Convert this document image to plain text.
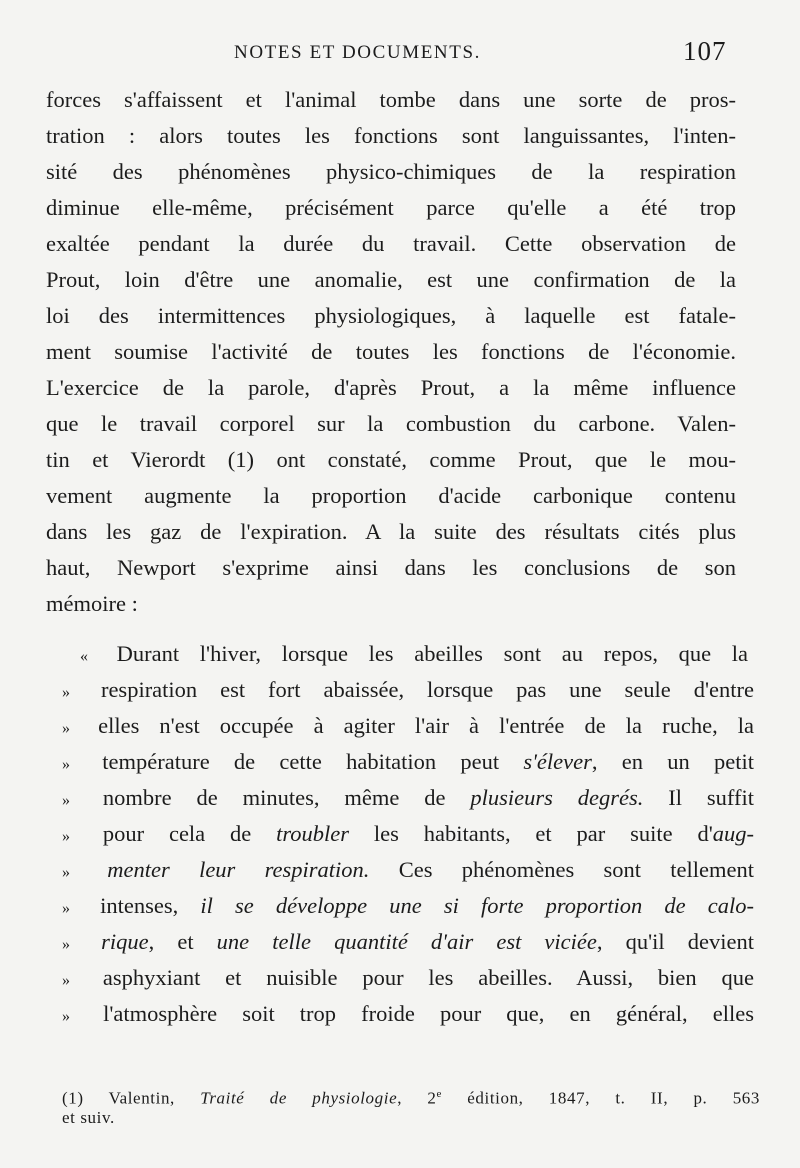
NOTES ET DOCUMENTS.	107
forces s'affaissent et l'animal tombe dans une sorte de pros-
tration : alors toutes les fonctions sont languissantes, l'inten-
sité des phénomènes physico-chimiques de la respiration
diminue elle-même, précisément parce qu'elle a été trop
exaltée pendant la durée du travail. Cette observation de
Prout, loin d'être une anomalie, est une confirmation de la
loi des intermittences physiologiques, à laquelle est fatale-
ment soumise l'activité de toutes les fonctions de l'économie.
L'exercice de la parole, d'après Prout, a la même influence
que le travail corporel sur la combustion du carbone. Valen-
tin et Vierordt (1) ont constaté, comme Prout, que le mou-
vement augmente la proportion d'acide carbonique contenu
dans les gaz de l'expiration. A la suite des résultats cités plus
haut, Newport s'exprime ainsi dans les conclusions de son
mémoire :
« Durant l'hiver, lorsque les abeilles sont au repos, que la
» respiration est fort abaissée, lorsque pas une seule d'entre
» elles n'est occupée à agiter l'air à l'entrée de la ruche, la
» température de cette habitation peut s'élever, en un petit
» nombre de minutes, même de plusieurs degrés. Il suffit
» pour cela de troubler les habitants, et par suite d'aug-
» menter leur respiration. Ces phénomènes sont tellement
» intenses, il se développe une si forte proportion de calo-
» rique, et une telle quantité d'air est viciée, qu'il devient
» asphyxiant et nuisible pour les abeilles. Aussi, bien que
» l'atmosphère soit trop froide pour que, en général, elles
(1) Valentin, Traité de physiologie, 2e édition, 1847, t. II, p. 563
et suiv.
